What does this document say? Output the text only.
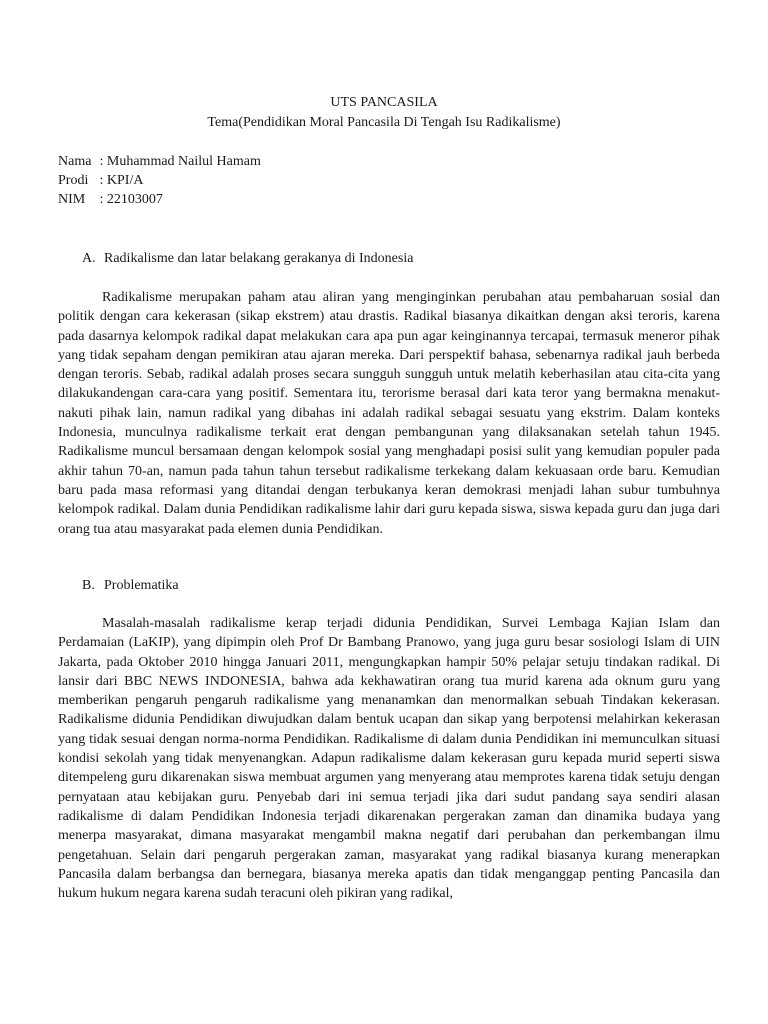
UTS PANCASILA
Tema(Pendidikan Moral Pancasila Di Tengah Isu Radikalisme)
Nama
: Muhammad Nailul Hamam
Prodi
: KPI/A
NIM
	: 22103007
A. Radikalisme dan latar belakang gerakanya di Indonesia

Radikalisme merupakan paham atau aliran yang menginginkan perubahan atau pembaharuan sosial dan politik dengan cara kekerasan (sikap ekstrem) atau drastis. Radikal biasanya dikaitkan dengan aksi teroris, karena pada dasarnya kelompok radikal dapat melakukan cara apa pun agar keinginannya tercapai, termasuk meneror pihak yang tidak sepaham dengan pemikiran atau ajaran mereka. Dari perspektif bahasa, sebenarnya radikal jauh berbeda dengan teroris. Sebab, radikal adalah proses secara sungguh sungguh untuk melatih keberhasilan atau cita-cita yang dilakukandengan cara-cara yang positif. Sementara itu, terorisme berasal dari kata teror yang bermakna menakut-nakuti pihak lain, namun radikal yang dibahas ini adalah radikal sebagai sesuatu yang ekstrim. Dalam konteks Indonesia, munculnya radikalisme terkait erat dengan pembangunan yang dilaksanakan setelah tahun 1945. Radikalisme muncul bersamaan dengan kelompok sosial yang menghadapi posisi sulit yang kemudian populer pada akhir tahun 70-an, namun pada tahun tahun tersebut radikalisme terkekang dalam kekuasaan orde baru. Kemudian baru pada masa reformasi yang ditandai dengan terbukanya keran demokrasi menjadi lahan subur tumbuhnya kelompok radikal. Dalam dunia Pendidikan radikalisme lahir dari guru kepada siswa, siswa kepada guru dan juga dari orang tua atau masyarakat pada elemen dunia Pendidikan.

B. Problematika

Masalah-masalah radikalisme kerap terjadi didunia Pendidikan, Survei Lembaga Kajian Islam dan Perdamaian (LaKIP), yang dipimpin oleh Prof Dr Bambang Pranowo, yang juga guru besar sosiologi Islam di UIN Jakarta, pada Oktober 2010 hingga Januari 2011, mengungkapkan hampir 50% pelajar setuju tindakan radikal. Di lansir dari BBC NEWS INDONESIA, bahwa ada kekhawatiran orang tua murid karena ada oknum guru yang memberikan pengaruh pengaruh radikalisme yang menanamkan dan menormalkan sebuah Tindakan kekerasan. Radikalisme didunia Pendidikan diwujudkan dalam bentuk ucapan dan sikap yang berpotensi melahirkan kekerasan yang tidak sesuai dengan norma-norma Pendidikan. Radikalisme di dalam dunia Pendidikan ini memunculkan situasi kondisi sekolah yang tidak menyenangkan. Adapun radikalisme dalam kekerasan guru kepada murid seperti siswa ditempeleng guru dikarenakan siswa membuat argumen yang menyerang atau memprotes karena tidak setuju dengan pernyataan atau kebijakan guru. Penyebab dari ini semua terjadi jika dari sudut pandang saya sendiri alasan radikalisme di dalam Pendidikan Indonesia terjadi dikarenakan pergerakan zaman dan dinamika budaya yang menerpa masyarakat, dimana masyarakat mengambil makna negatif dari perubahan dan perkembangan ilmu pengetahuan. Selain dari pengaruh pergerakan zaman, masyarakat yang radikal biasanya kurang menerapkan Pancasila dalam berbangsa dan bernegara, biasanya mereka apatis dan tidak menganggap penting Pancasila dan hukum hukum negara karena sudah teracuni oleh pikiran yang radikal,
